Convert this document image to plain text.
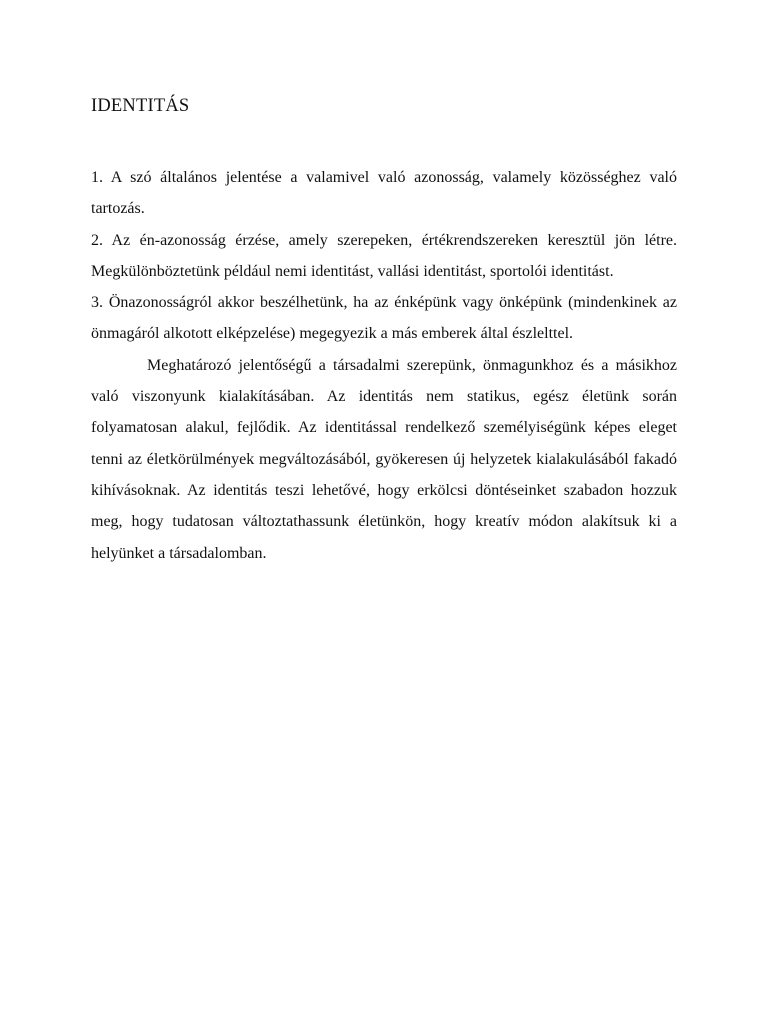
IDENTITÁS

1. A szó általános jelentése a valamivel való azonosság, valamely közösséghez való tartozás.

2. Az én-azonosság érzése, amely szerepeken, értékrendszereken keresztül jön létre. Megkülönböztetünk például nemi identitást, vallási identitást, sportolói identitást.

3. Önazonosságról akkor beszélhetünk, ha az énképünk vagy önképünk (mindenkinek az önmagáról alkotott elképzelése) megegyezik a más emberek által észlelttel.

Meghatározó jelentőségű a társadalmi szerepünk, önmagunkhoz és a másikhoz való viszonyunk kialakításában. Az identitás nem statikus, egész életünk során folyamatosan alakul, fejlődik. Az identitással rendelkező személyiségünk képes eleget tenni az életkörülmények megváltozásából, gyökeresen új helyzetek kialakulásából fakadó kihívásoknak. Az identitás teszi lehetővé, hogy erkölcsi döntéseinket szabadon hozzuk meg, hogy tudatosan változtathassunk életünkön, hogy kreatív módon alakítsuk ki a helyünket a társadalomban.
